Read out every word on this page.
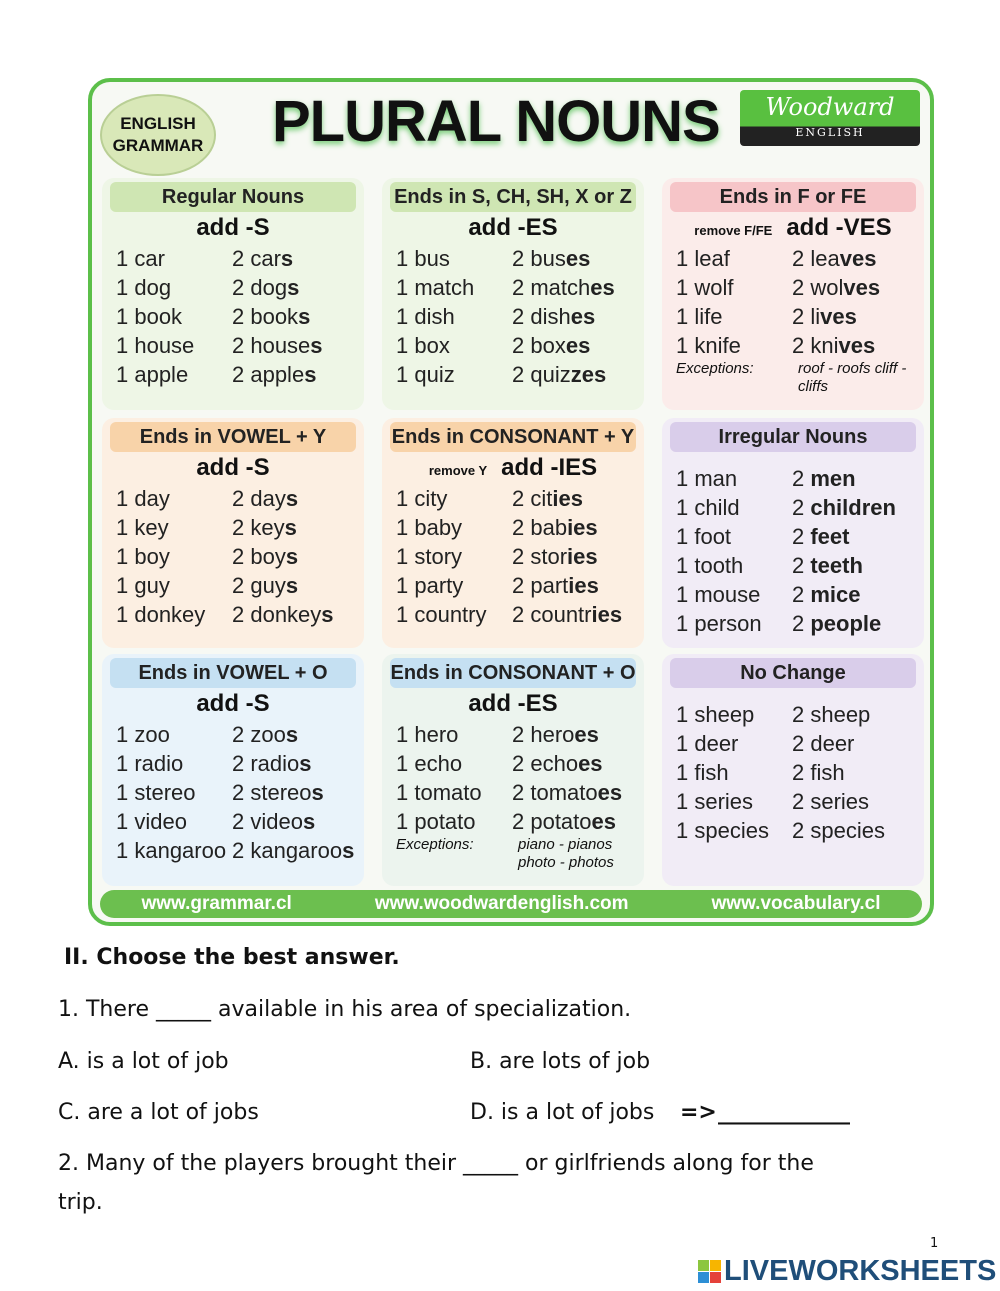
ENGLISH
GRAMMAR PLURAL NOUNS	Woodward
ENGLISH
Regular Nouns
add -S
1 car	2 cars
1 dog	2 dogs
1 book	2 books
1 house	2 houses
1 apple	2 apples
Ends in S, CH, SH, X or Z
add -ES
1 bus	2 buses
1 match	2 matches
1 dish	2 dishes
1 box	2 boxes
1 quiz	2 quizzes
Ends in F or FE
remove F/FE add -VES
1 leaf	2 leaves
1 wolf	2 wolves
1 life	2 lives
1 knife	2 knives
Exceptions:	roof - roofs cliff - cliffs
Ends in VOWEL + Y
add -S
1 day	2 days
1 key	2 keys
1 boy	2 boys
1 guy	2 guys
1 donkey	2 donkeys
Ends in CONSONANT + Y
remove Y add -IES
1 city	2 cities
1 baby	2 babies
1 story	2 stories
1 party	2 parties
1 country	2 countries
Irregular Nouns
1 man	2 men
1 child	2 children
1 foot	2 feet
1 tooth	2 teeth
1 mouse	2 mice
1 person	2 people
Ends in VOWEL + O
add -S
1 zoo	2 zoos
1 radio	2 radios
1 stereo	2 stereos
1 video	2 videos
1 kangaroo 2 kangaroos
Ends in CONSONANT + O
add -ES
1 hero	2 heroes
1 echo	2 echoes
1 tomato	2 tomatoes
1 potato	2 potatoes
Exceptions:	piano - pianos photo - photos
No Change
1 sheep	2 sheep
1 deer	2 deer
1 fish	2 fish
1 series	2 series
1 species	2 species
www.grammar.cl	www.woodwardenglish.com	www.vocabulary.cl
II. Choose the best answer.
1. There _____ available in his area of specialization.
A. is a lot of job	B. are lots of job
C. are a lot of jobs	D. is a lot of jobs => ____________
2. Many of the players brought their _____ or girlfriends along for the
trip.
1
LIVEWORKSHEETS
